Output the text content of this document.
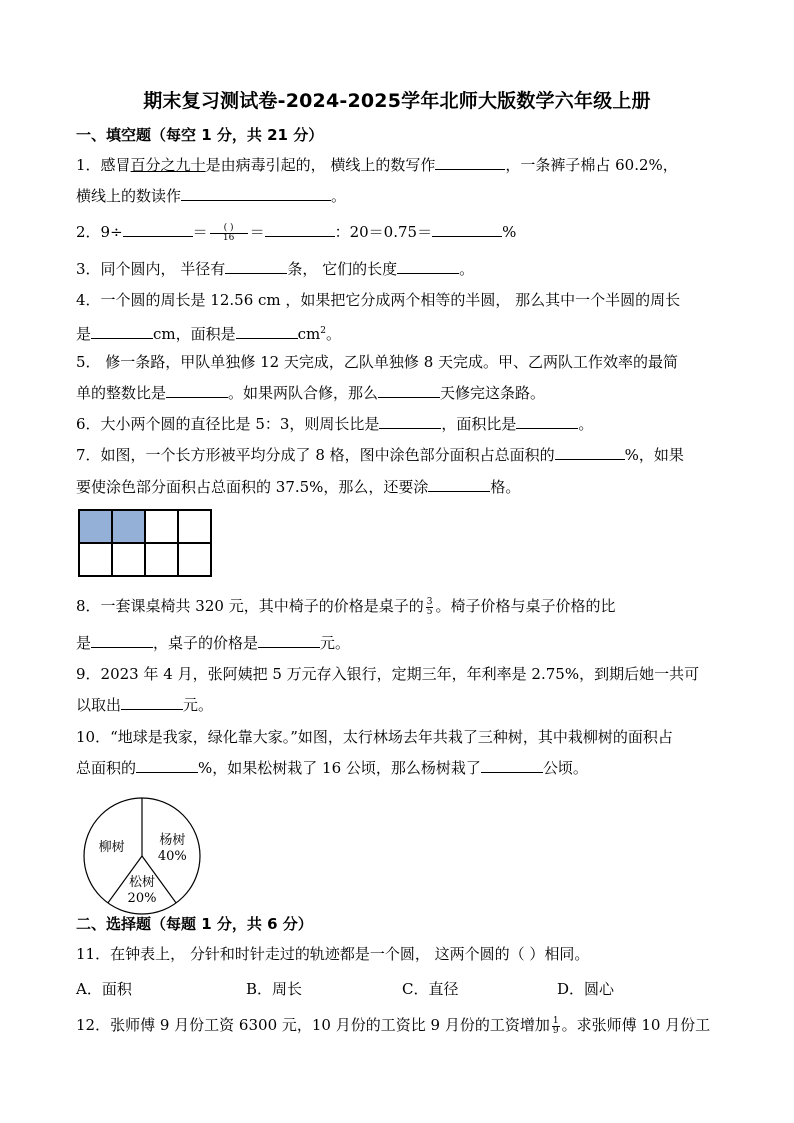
期末复习测试卷-2024-2025学年北师大版数学六年级上册
一、填空题（每空 1 分，共 21 分）
1．感冒百分之九十是由病毒引起的， 横线上的数写作	，一条裤子棉占 60.2%，
横线上的数读作	。
2．9÷	＝ $\frac{( )}{16}$ ＝	：20＝0.75＝	%
3．同个圆内， 半径有	条， 它们的长度	。
4．一个圆的周长是 12.56 cm ，如果把它分成两个相等的半圆， 那么其中一个半圆的周长
是	cm，面积是	$cm^2$。
5． 修一条路，甲队单独修 12 天完成，乙队单独修 8 天完成。甲、乙两队工作效率的最简
单的整数比是	。如果两队合修，那么	天修完这条路。
6．大小两个圆的直径比是 5：3，则周长比是	，面积比是	。
7．如图，一个长方形被平均分成了 8 格，图中涂色部分面积占总面积的	%，如果
要使涂色部分面积占总面积的 37.5%，那么，还要涂	格。
8．一套课桌椅共 320 元，其中椅子的价格是桌子的 $\frac{3}{5}$ 。椅子价格与桌子价格的比
是	，桌子的价格是	元。
9．2023 年 4 月，张阿姨把 5 万元存入银行，定期三年，年利率是 2.75%，到期后她一共可
以取出	元。
10．“地球是我家，绿化靠大家。”如图，太行林场去年共栽了三种树，其中栽柳树的面积占
总面积的	%，如果松树栽了 16 公顷，那么杨树栽了	公顷。
杨树
40%
松树
20%
柳树
二、选择题（每题 1 分，共 6 分）
11．在钟表上， 分针和时针走过的轨迹都是一个圆， 这两个圆的（ ）相同。
A．面积	B．周长	C．直径	D．圆心
12．张师傅 9 月份工资 6300 元，10 月份的工资比 9 月份的工资增加 $\frac{1}{9}$ 。求张师傅 10 月份工
